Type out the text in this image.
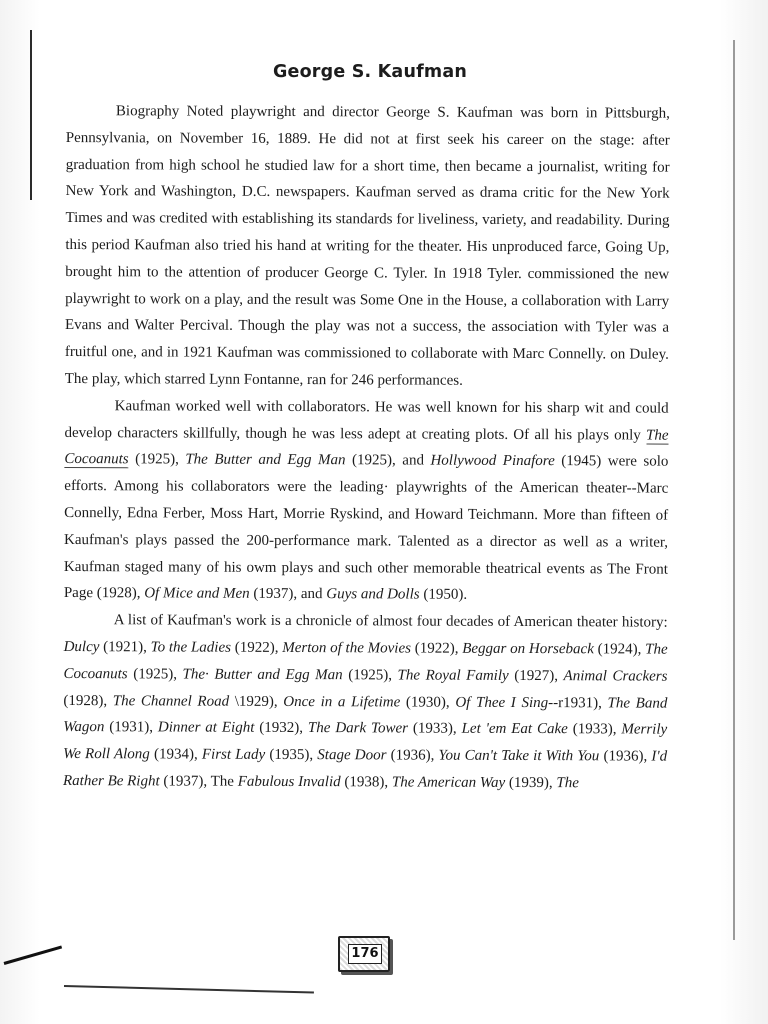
George S. Kaufman

Biography Noted playwright and director George S. Kaufman was born in Pittsburgh, Pennsylvania, on November 16, 1889. He did not at first seek his career on the stage: after graduation from high school he studied law for a short time, then became a journalist, writing for New York and Washington, D.C. newspapers. Kaufman served as drama critic for the New York Times and was credited with establishing its standards for liveliness, variety, and readability. During this period Kaufman also tried his hand at writing for the theater. His unproduced farce, Going Up, brought him to the attention of producer George C. Tyler. In 1918 Tyler. commissioned the new playwright to work on a play, and the result was Some One in the House, a collaboration with Larry Evans and Walter Percival. Though the play was not a success, the association with Tyler was a fruitful one, and in 1921 Kaufman was commissioned to collaborate with Marc Connelly. on Duley. The play, which starred Lynn Fontanne, ran for 246 performances.

Kaufman worked well with collaborators. He was well known for his sharp wit and could develop characters skillfully, though he was less adept at creating plots. Of all his plays only The Cocoanuts (1925), The Butter and Egg Man (1925), and Hollywood Pinafore (1945) were solo efforts. Among his collaborators were the leading· playwrights of the American theater--Marc Connelly, Edna Ferber, Moss Hart, Morrie Ryskind, and Howard Teichmann. More than fifteen of Kaufman's plays passed the 200-performance mark. Talented as a director as well as a writer, Kaufman staged many of his owm plays and such other memorable theatrical events as The Front Page (1928), Of Mice and Men (1937), and Guys and Dolls (1950).

A list of Kaufman's work is a chronicle of almost four decades of American theater history: Dulcy (1921), To the Ladies (1922), Merton of the Movies (1922), Beggar on Horseback (1924), The Cocoanuts (1925), The· Butter and Egg Man (1925), The Royal Family (1927), Animal Crackers (1928), The Channel Road \1929), Once in a Lifetime (1930), Of Thee I Sing--r1931), The Band Wagon (1931), Dinner at Eight (1932), The Dark Tower (1933), Let 'em Eat Cake (1933), Merrily We Roll Along (1934), First Lady (1935), Stage Door (1936), You Can't Take it With You (1936), I'd Rather Be Right (1937), The Fabulous Invalid (1938), The American Way (1939), The

176
